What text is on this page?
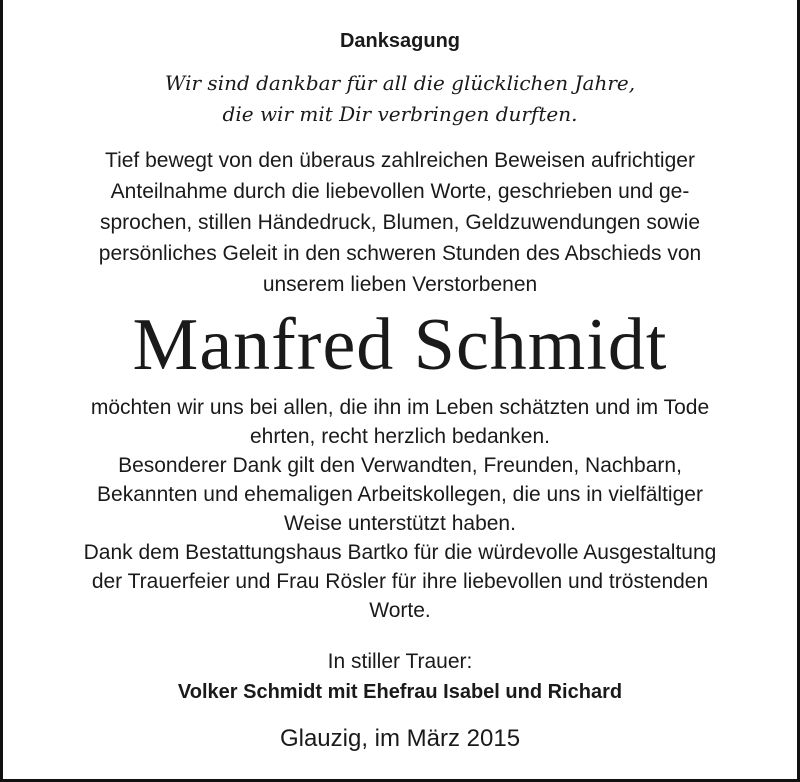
Danksagung
Wir sind dankbar für all die glücklichen Jahre,
die wir mit Dir verbringen durften.
Tief bewegt von den überaus zahlreichen Beweisen aufrichtiger
Anteilnahme durch die liebevollen Worte, geschrieben und ge-
sprochen, stillen Händedruck, Blumen, Geldzuwendungen sowie
persönliches Geleit in den schweren Stunden des Abschieds von
unserem lieben Verstorbenen
Manfred Schmidt
möchten wir uns bei allen, die ihn im Leben schätzten und im Tode
ehrten, recht herzlich bedanken.
Besonderer Dank gilt den Verwandten, Freunden, Nachbarn,
Bekannten und ehemaligen Arbeitskollegen, die uns in vielfältiger
Weise unterstützt haben.
Dank dem Bestattungshaus Bartko für die würdevolle Ausgestaltung
der Trauerfeier und Frau Rösler für ihre liebevollen und tröstenden
Worte.
In stiller Trauer:
Volker Schmidt mit Ehefrau Isabel und Richard
Glauzig, im März 2015
